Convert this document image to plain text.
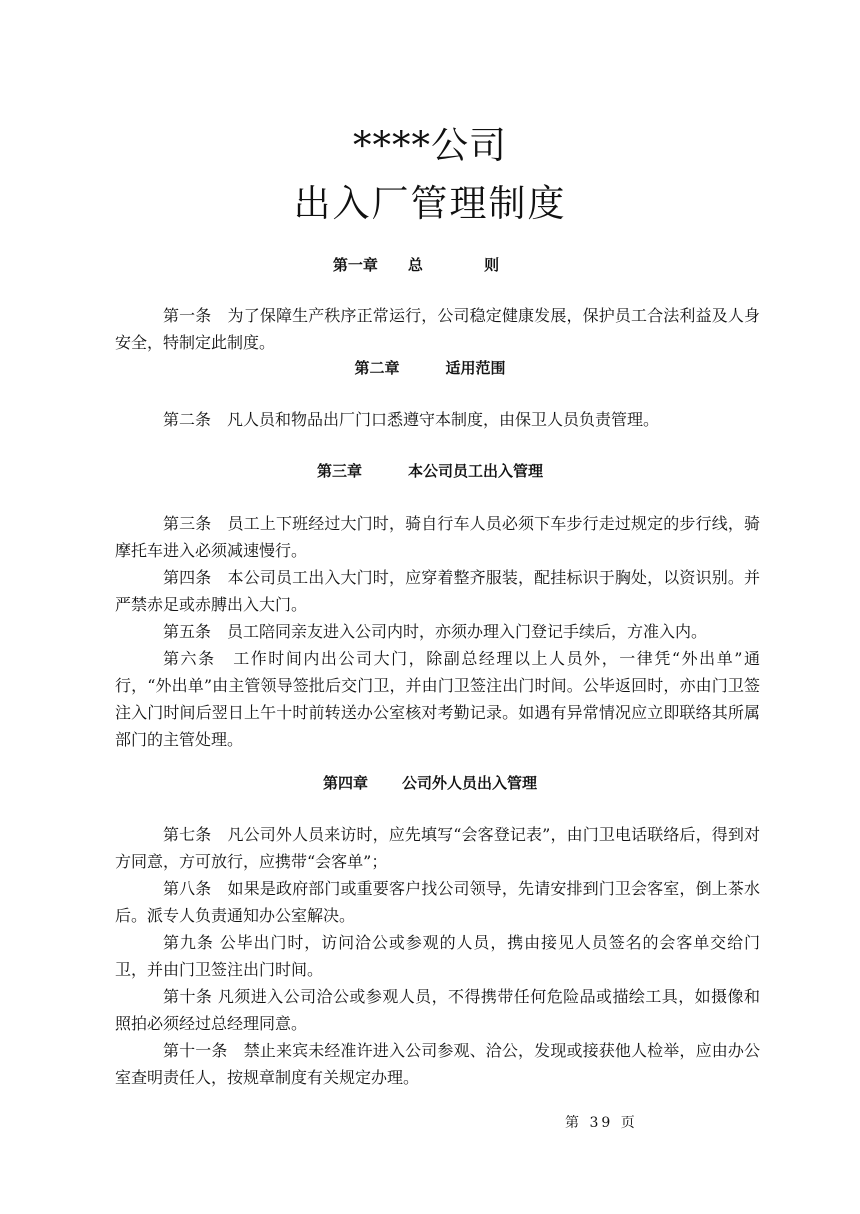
****公司
出入厂管理制度
第一章 总 则
第一条　为了保障生产秩序正常运行，公司稳定健康发展，保护员工合法利益及人身安全，特制定此制度。
第二章	适用范围
第二条　凡人员和物品出厂门口悉遵守本制度，由保卫人员负责管理。
第三章	本公司员工出入管理
第三条　员工上下班经过大门时，骑自行车人员必须下车步行走过规定的步行线，骑摩托车进入必须减速慢行。
第四条　本公司员工出入大门时，应穿着整齐服装，配挂标识于胸处，以资识别。并严禁赤足或赤膊出入大门。
第五条　员工陪同亲友进入公司内时，亦须办理入门登记手续后，方准入内。
第六条　工作时间内出公司大门，除副总经理以上人员外，一律凭“外出单”通行，“外出单”由主管领导签批后交门卫，并由门卫签注出门时间。公毕返回时，亦由门卫签注入门时间后翌日上午十时前转送办公室核对考勤记录。如遇有异常情况应立即联络其所属部门的主管处理。
第四章 公司外人员出入管理
第七条　凡公司外人员来访时，应先填写“会客登记表”，由门卫电话联络后，得到对方同意，方可放行，应携带“会客单”；
第八条　如果是政府部门或重要客户找公司领导，先请安排到门卫会客室，倒上茶水后。派专人负责通知办公室解决。
第九条 公毕出门时，访问洽公或参观的人员，携由接见人员签名的会客单交给门卫，并由门卫签注出门时间。
第十条 凡须进入公司洽公或参观人员，不得携带任何危险品或描绘工具，如摄像和照拍必须经过总经理同意。
第十一条　禁止来宾未经准许进入公司参观、洽公，发现或接获他人检举，应由办公室查明责任人，按规章制度有关规定办理。
第 39 页
